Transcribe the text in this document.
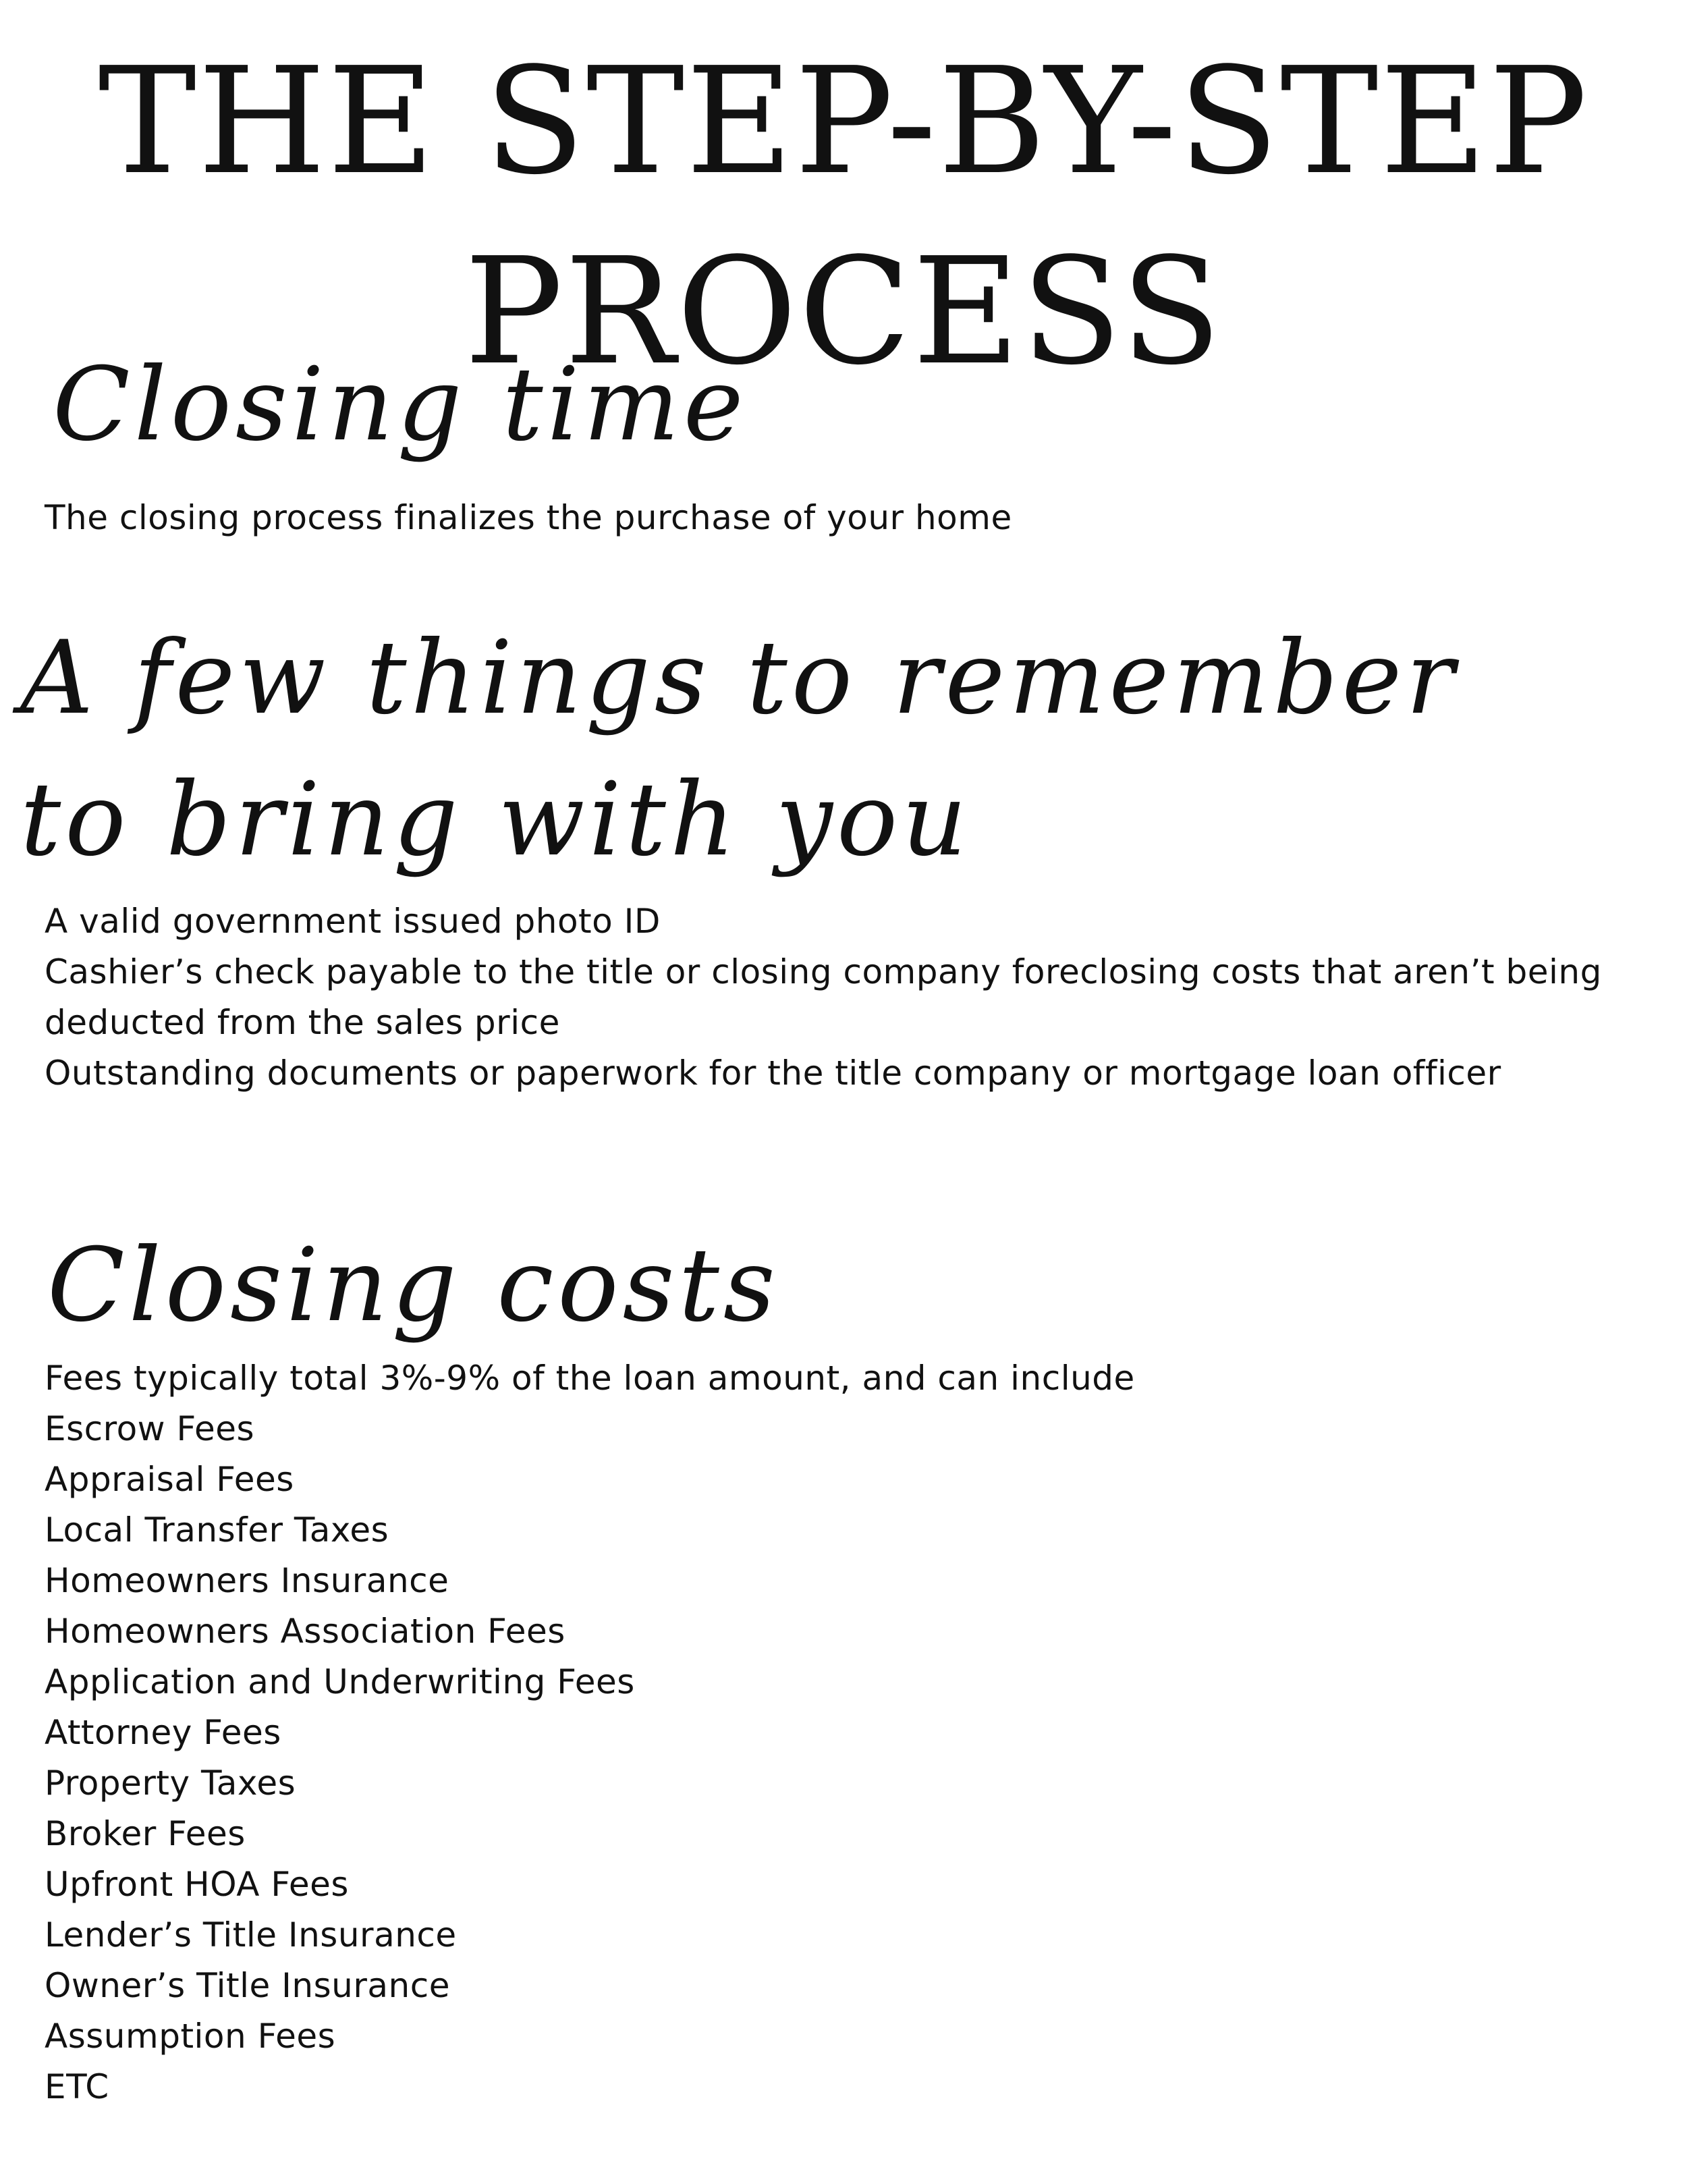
THE STEP-BY-STEP
PROCESS
Closing time

The closing process finalizes the purchase of your home

A few things to remember
to bring with you
A valid government issued photo ID
Cashier’s check payable to the title or closing company foreclosing costs that aren’t being
deducted from the sales price
Outstanding documents or paperwork for the title company or mortgage loan officer
Closing costs
Fees typically total 3%-9% of the loan amount, and can include
Escrow Fees
Appraisal Fees
Local Transfer Taxes
Homeowners Insurance
Homeowners Association Fees
Application and Underwriting Fees
Attorney Fees
Property Taxes
Broker Fees
Upfront HOA Fees
Lender’s Title Insurance
Owner’s Title Insurance
Assumption Fees
ETC
